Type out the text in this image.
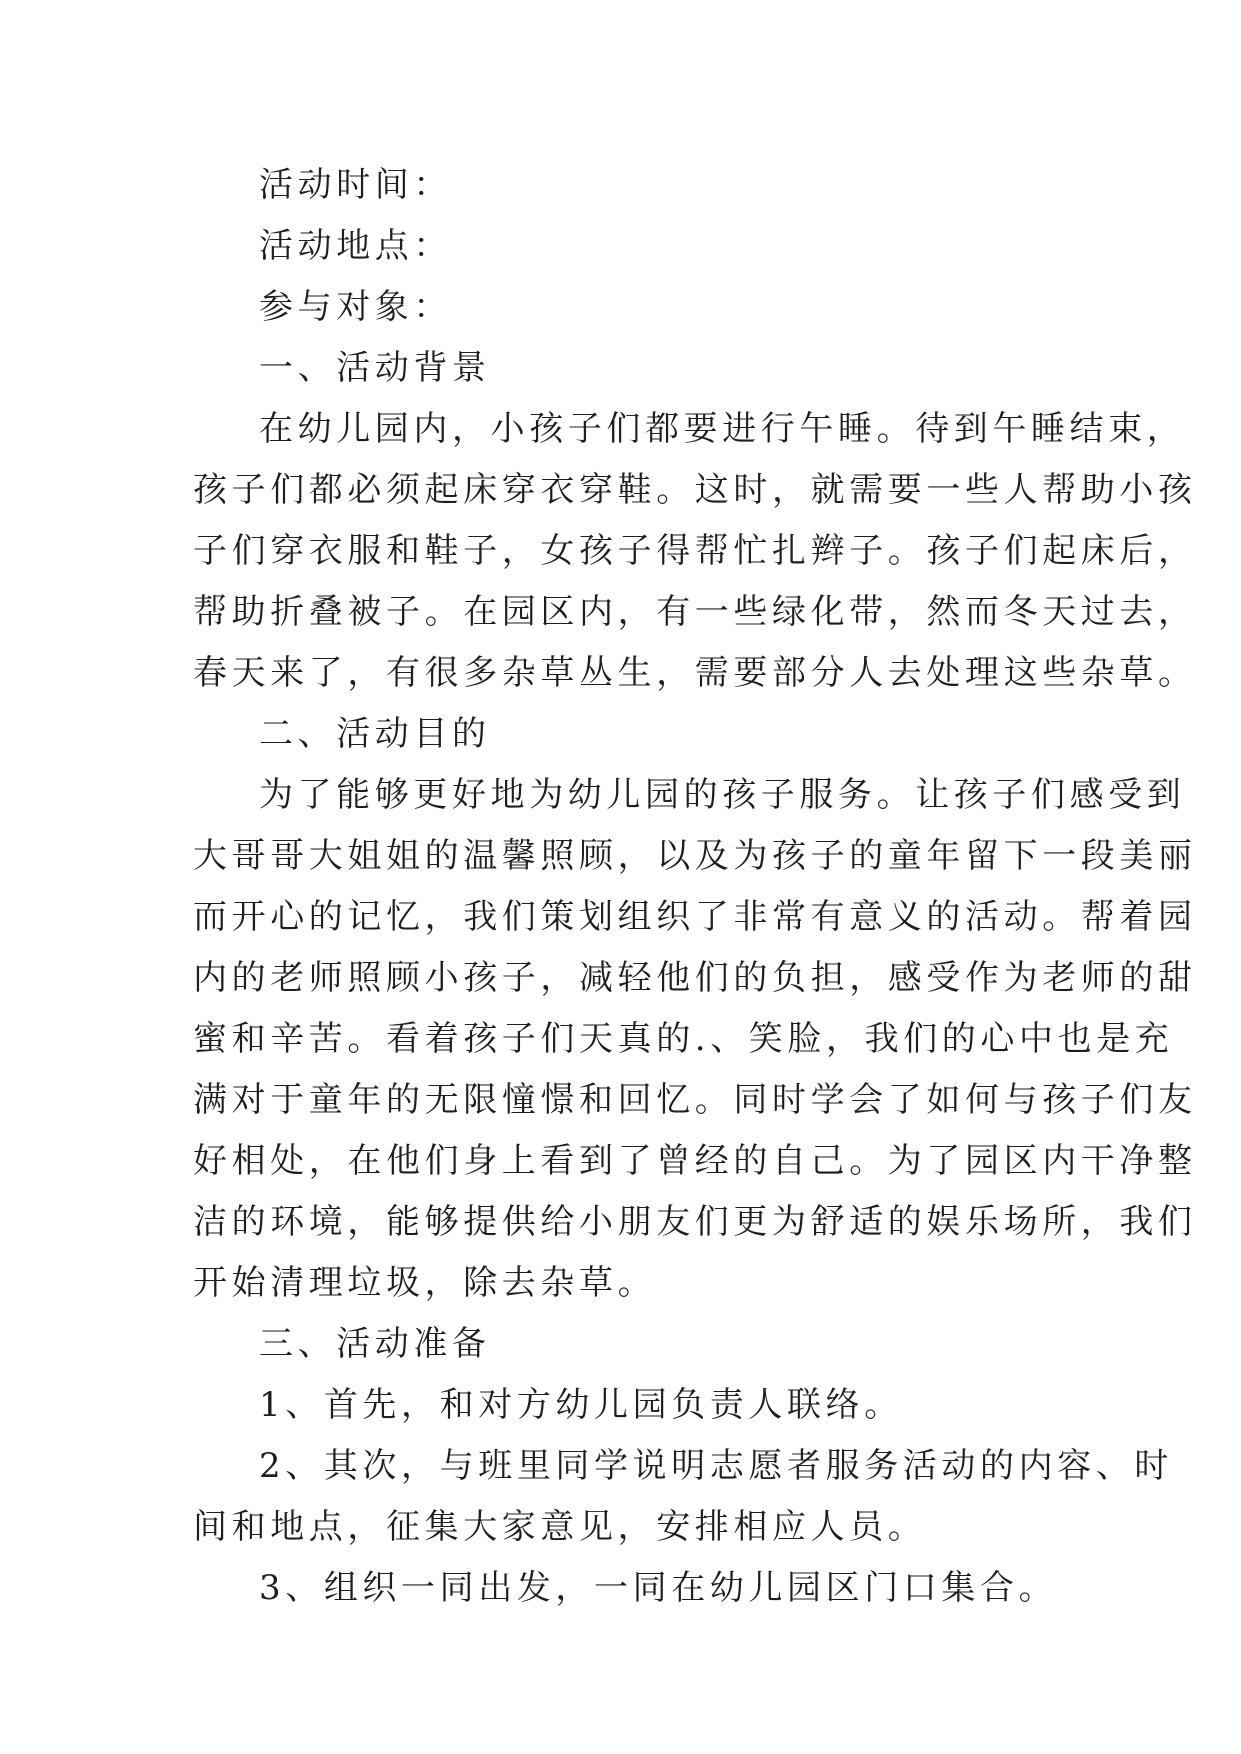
活动时间：
活动地点：
参与对象：
一、活动背景
在幼儿园内，小孩子们都要进行午睡。待到午睡结束，
孩子们都必须起床穿衣穿鞋。这时，就需要一些人帮助小孩
子们穿衣服和鞋子，女孩子得帮忙扎辫子。孩子们起床后，
帮助折叠被子。在园区内，有一些绿化带，然而冬天过去，
春天来了，有很多杂草丛生，需要部分人去处理这些杂草。
二、活动目的
为了能够更好地为幼儿园的孩子服务。让孩子们感受到
大哥哥大姐姐的温馨照顾，以及为孩子的童年留下一段美丽
而开心的记忆，我们策划组织了非常有意义的活动。帮着园
内的老师照顾小孩子，减轻他们的负担，感受作为老师的甜
蜜和辛苦。看着孩子们天真的.、笑脸，我们的心中也是充
满对于童年的无限憧憬和回忆。同时学会了如何与孩子们友
好相处，在他们身上看到了曾经的自己。为了园区内干净整
洁的环境，能够提供给小朋友们更为舒适的娱乐场所，我们
开始清理垃圾，除去杂草。
三、活动准备
1、首先，和对方幼儿园负责人联络。
2、其次，与班里同学说明志愿者服务活动的内容、时
间和地点，征集大家意见，安排相应人员。
3、组织一同出发，一同在幼儿园区门口集合。
